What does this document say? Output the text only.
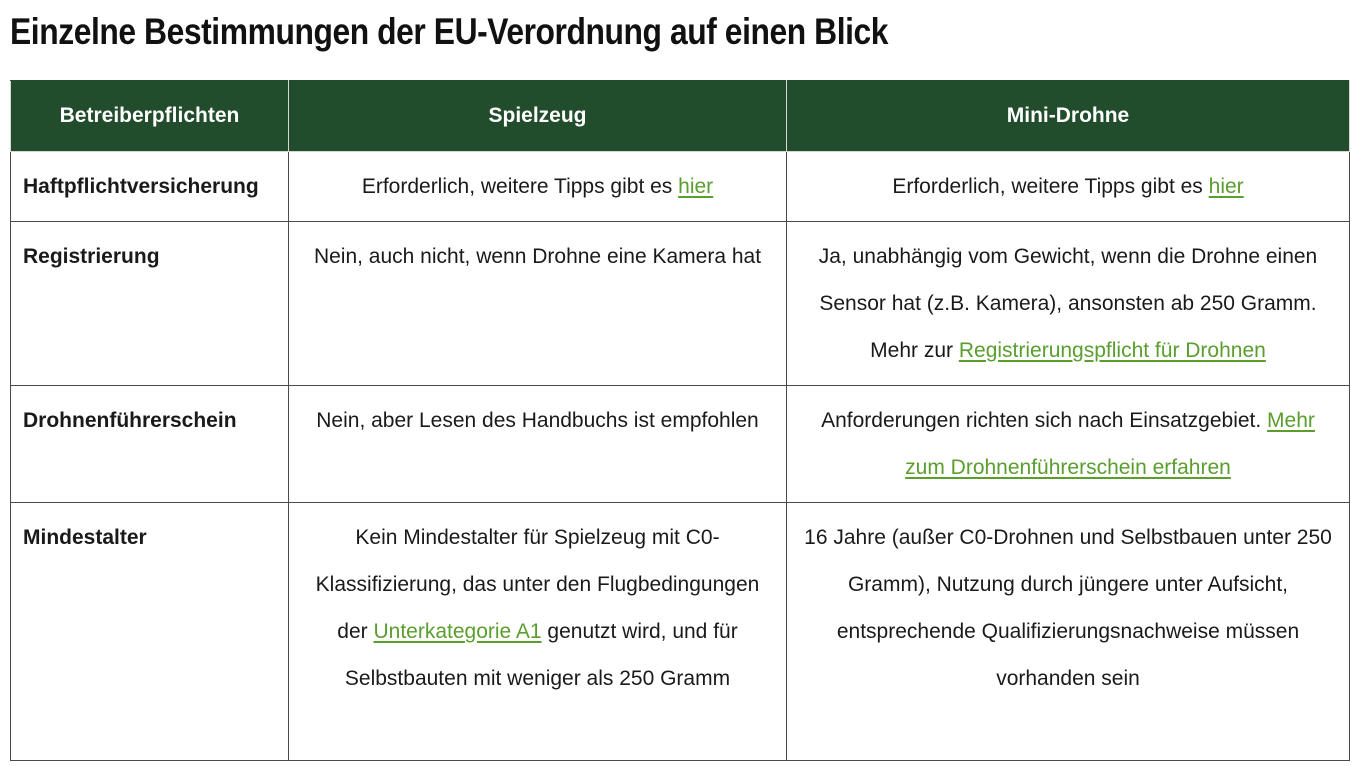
Einzelne Bestimmungen der EU-Verordnung auf einen Blick
Betreiberpflichten	Spielzeug	Mini-Drohne
Haftpflichtversicherung	Erforderlich, weitere Tipps gibt es hier	Erforderlich, weitere Tipps gibt es hier
Registrierung	Nein, auch nicht, wenn Drohne eine Kamera hat	Ja, unabhängig vom Gewicht, wenn die Drohne einen Sensor hat (z.B. Kamera), ansonsten ab 250 Gramm. Mehr zur Registrierungspflicht für Drohnen
Drohnenführerschein	Nein, aber Lesen des Handbuchs ist empfohlen	Anforderungen richten sich nach Einsatzgebiet. Mehr zum Drohnenführerschein erfahren
Mindestalter	Kein Mindestalter für Spielzeug mit C0-Klassifizierung, das unter den Flugbedingungen der Unterkategorie A1 genutzt wird, und für Selbstbauten mit weniger als 250 Gramm	16 Jahre (außer C0-Drohnen und Selbstbauen unter 250 Gramm), Nutzung durch jüngere unter Aufsicht, entsprechende Qualifizierungsnachweise müssen vorhanden sein
